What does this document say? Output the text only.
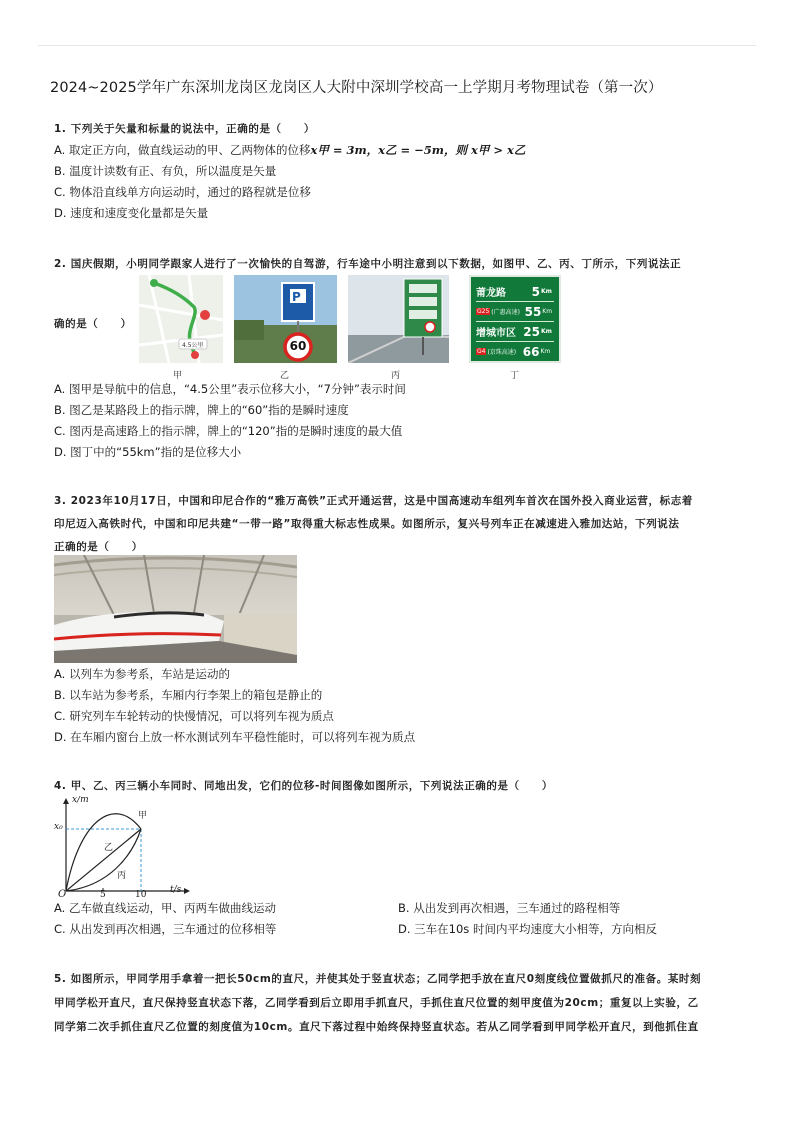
2024~2025学年广东深圳龙岗区龙岗区人大附中深圳学校高一上学期月考物理试卷（第一次）
1. 下列关于矢量和标量的说法中，正确的是（　　）
A. 取定正方向，做直线运动的甲、乙两物体的位移x甲 = 3m，x乙 = −5m，则 x甲 > x乙
B. 温度计读数有正、有负，所以温度是矢量
C. 物体沿直线单方向运动时，通过的路程就是位移
D. 速度和速度变化量都是矢量
2. 国庆假期，小明同学跟家人进行了一次愉快的自驾游，行车途中小明注意到以下数据，如图甲、乙、丙、丁所示，下列说法正
确的是（　　）
4.5公里
甲
P
60
乙	丙
莆龙路	5 Km
G25 (广惠高速) 55 Km
增城市区 25 Km
G4 (京珠高速) 66 Km
丁
A. 图甲是导航中的信息，“4.5公里”表示位移大小，“7分钟”表示时间
B. 图乙是某路段上的指示牌，牌上的“60”指的是瞬时速度
C. 图丙是高速路上的指示牌，牌上的“120”指的是瞬时速度的最大值
D. 图丁中的“55km”指的是位移大小
3. 2023年10月17日，中国和印尼合作的“雅万高铁”正式开通运营，这是中国高速动车组列车首次在国外投入商业运营，标志着
印尼迈入高铁时代，中国和印尼共建“一带一路”取得重大标志性成果。如图所示，复兴号列车正在减速进入雅加达站，下列说法
正确的是（　　）
A. 以列车为参考系，车站是运动的
B. 以车站为参考系，车厢内行李架上的箱包是静止的
C. 研究列车车轮转动的快慢情况，可以将列车视为质点
D. 在车厢内窗台上放一杯水测试列车平稳性能时，可以将列车视为质点
4. 甲、乙、丙三辆小车同时、同地出发，它们的位移-时间图像如图所示，下列说法正确的是（　　）
x/m
t/s
x₀
5	10
O
甲
乙
丙
A. 乙车做直线运动，甲、丙两车做曲线运动	B. 从出发到再次相遇，三车通过的路程相等
C. 从出发到再次相遇，三车通过的位移相等	D. 三车在10s 时间内平均速度大小相等，方向相反
5. 如图所示，甲同学用手拿着一把长50cm的直尺，并使其处于竖直状态；乙同学把手放在直尺0刻度线位置做抓尺的准备。某时刻
甲同学松开直尺，直尺保持竖直状态下落，乙同学看到后立即用手抓直尺，手抓住直尺位置的刻甲度值为20cm；重复以上实验，乙
同学第二次手抓住直尺乙位置的刻度值为10cm。直尺下落过程中始终保持竖直状态。若从乙同学看到甲同学松开直尺，到他抓住直
